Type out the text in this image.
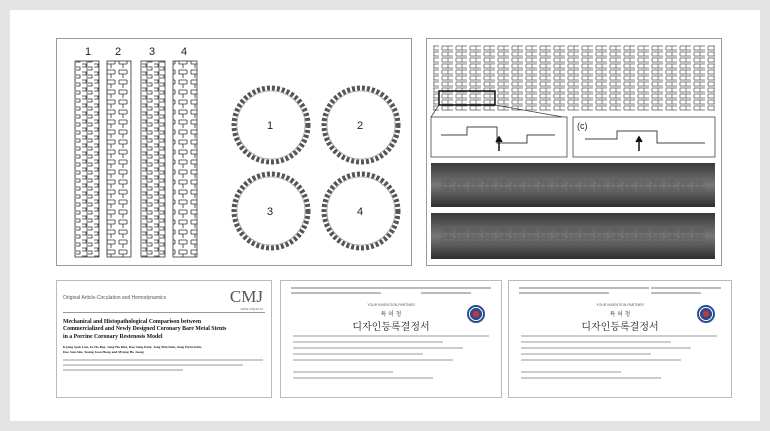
1 2	3 4
1	2
3	4
(c)
Original Article-Circulation and Hemodynamics	CMJ
www.cmj.ac.kr
Mechanical and Histopathological Comparison between
Commercialized and Newly Designed Coronary Bare Metal Stents
in a Porcine Coronary Restenosis Model
Kyung Seob Lim, In Ho Bae, Jung Ha Kim, Dae Sung Park, Jong Min Kim, Jung Hyun Kim,
Doo Sun Sim, Young Joon Hong and Myung Ho Jeong
YOUR INVENTION PARTNER
특 허 청
디자인등록결정서
YOUR INVENTION PARTNER
특 허 청
디자인등록결정서
